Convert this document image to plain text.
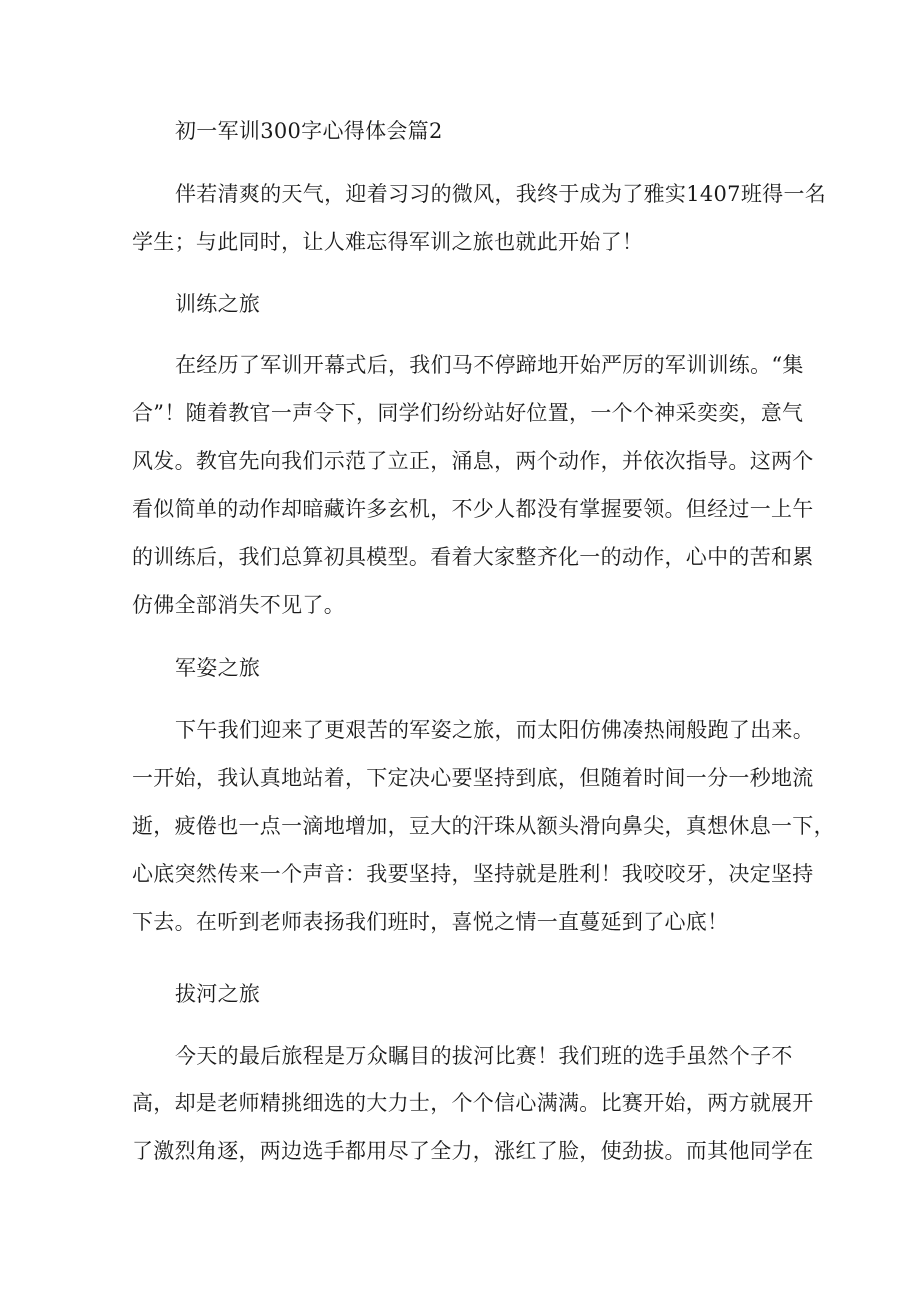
初一军训300字心得体会篇2
伴若清爽的天气，迎着习习的微风，我终于成为了雅实1407班得一名
学生；与此同时，让人难忘得军训之旅也就此开始了！
训练之旅
在经历了军训开幕式后，我们马不停蹄地开始严厉的军训训练。“集
合”！随着教官一声令下，同学们纷纷站好位置，一个个神采奕奕，意气
风发。教官先向我们示范了立正，涌息，两个动作，并依次指导。这两个
看似简单的动作却暗藏许多玄机，不少人都没有掌握要领。但经过一上午
的训练后，我们总算初具模型。看着大家整齐化一的动作，心中的苦和累
仿佛全部消失不见了。
军姿之旅
下午我们迎来了更艰苦的军姿之旅，而太阳仿佛凑热闹般跑了出来。
一开始，我认真地站着，下定决心要坚持到底，但随着时间一分一秒地流
逝，疲倦也一点一滴地增加，豆大的汗珠从额头滑向鼻尖，真想休息一下，
心底突然传来一个声音：我要坚持，坚持就是胜利！我咬咬牙，决定坚持
下去。在听到老师表扬我们班时，喜悦之情一直蔓延到了心底！
拔河之旅
今天的最后旅程是万众瞩目的拔河比赛！我们班的选手虽然个子不
高，却是老师精挑细选的大力士，个个信心满满。比赛开始，两方就展开
了激烈角逐，两边选手都用尽了全力，涨红了脸，使劲拔。而其他同学在
